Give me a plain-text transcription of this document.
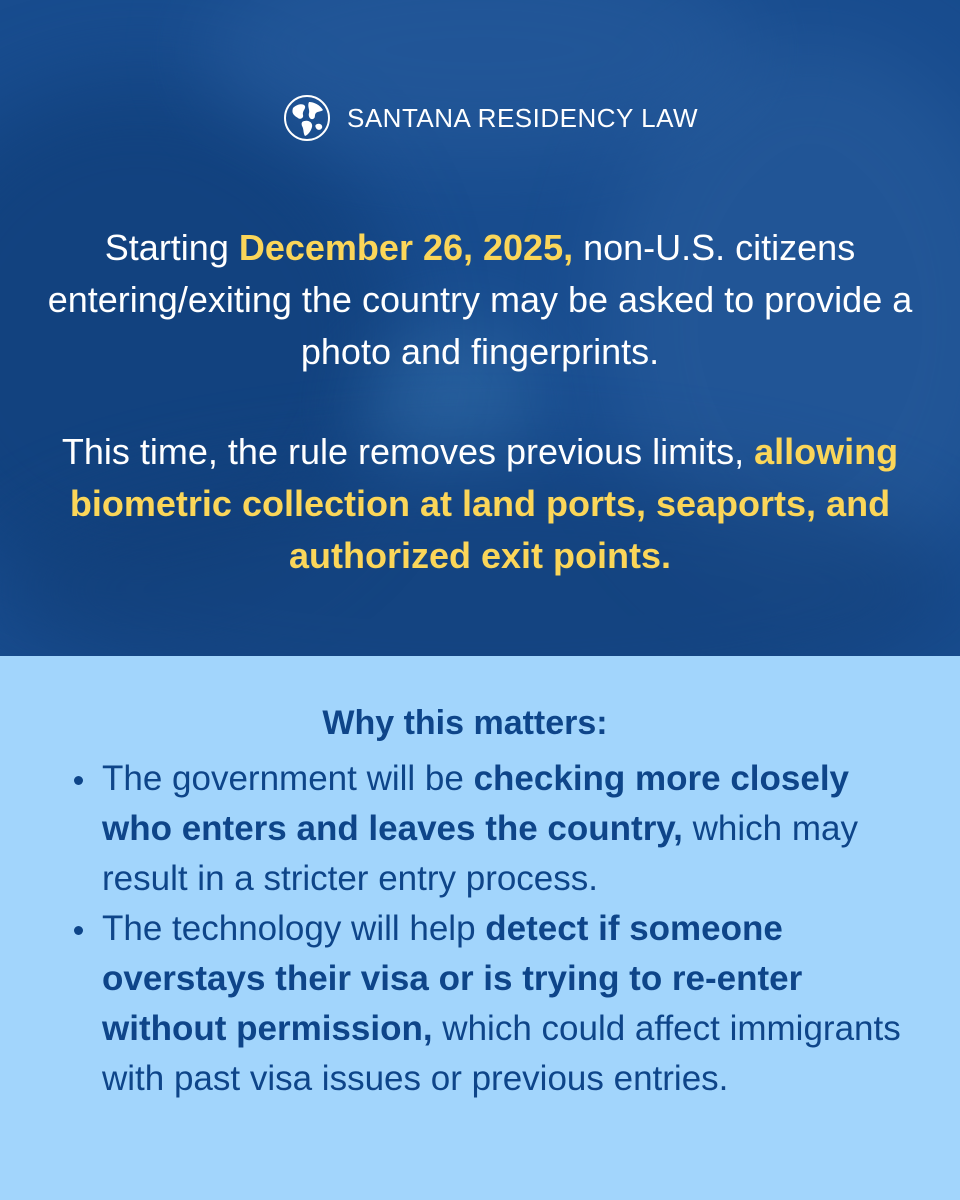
SANTANA RESIDENCY LAW

Starting December 26, 2025, non-U.S. citizens entering/exiting the country may be asked to provide a photo and fingerprints.

This time, the rule removes previous limits, allowing biometric collection at land ports, seaports, and authorized exit points.

Why this matters:
The government will be checking more closely who enters and leaves the country, which may result in a stricter entry process.
The technology will help detect if someone overstays their visa or is trying to re-enter without permission, which could affect immigrants with past visa issues or previous entries.
